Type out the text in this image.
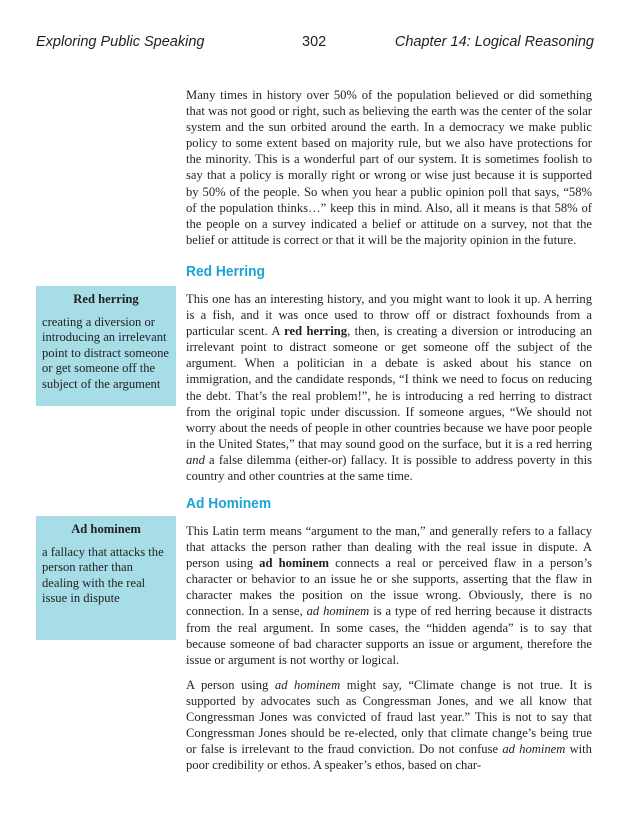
Exploring Public Speaking	302	Chapter 14: Logical Reasoning

Many times in history over 50% of the population believed or did something that was not good or right, such as believing the earth was the center of the solar system and the sun orbited around the earth. In a democracy we make public policy to some extent based on majority rule, but we also have protections for the minority. This is a wonderful part of our system. It is sometimes foolish to say that a policy is morally right or wrong or wise just because it is supported by 50% of the people. So when you hear a public opinion poll that says, “58% of the population thinks…” keep this in mind. Also, all it means is that 58% of the people on a survey indicated a belief or attitude on a survey, not that the belief or attitude is correct or that it will be the majority opinion in the future.

Red Herring

Red herring

creating a diversion or introducing an irrelevant point to distract someone or get someone off the subject of the argument

This one has an interesting history, and you might want to look it up. A herring is a fish, and it was once used to throw off or distract foxhounds from a particular scent. A red herring, then, is creating a diversion or introducing an irrelevant point to distract someone or get someone off the subject of the argument. When a politician in a debate is asked about his stance on immigration, and the candidate responds, “I think we need to focus on reducing the debt. That’s the real problem!”, he is introducing a red herring to distract from the original topic under discussion. If someone argues, “We should not worry about the needs of people in other countries because we have poor people in the United States,” that may sound good on the surface, but it is a red herring and a false dilemma (either-or) fallacy. It is possible to address poverty in this country and other countries at the same time.

Ad Hominem

Ad hominem

a fallacy that attacks the person rather than dealing with the real issue in dispute

This Latin term means “argument to the man,” and generally refers to a fallacy that attacks the person rather than dealing with the real issue in dispute. A person using ad hominem connects a real or perceived flaw in a person’s character or behavior to an issue he or she supports, asserting that the flaw in character makes the position on the issue wrong. Obviously, there is no connection. In a sense, ad hominem is a type of red herring because it distracts from the real argument. In some cases, the “hidden agenda” is to say that because someone of bad character supports an issue or argument, therefore the issue or argument is not worthy or logical.

A person using ad hominem might say, “Climate change is not true. It is supported by advocates such as Congressman Jones, and we all know that Congressman Jones was convicted of fraud last year.” This is not to say that Congressman Jones should be re-elected, only that climate change’s being true or false is irrelevant to the fraud conviction. Do not confuse ad hominem with poor credibility or ethos. A speaker’s ethos, based on char-
